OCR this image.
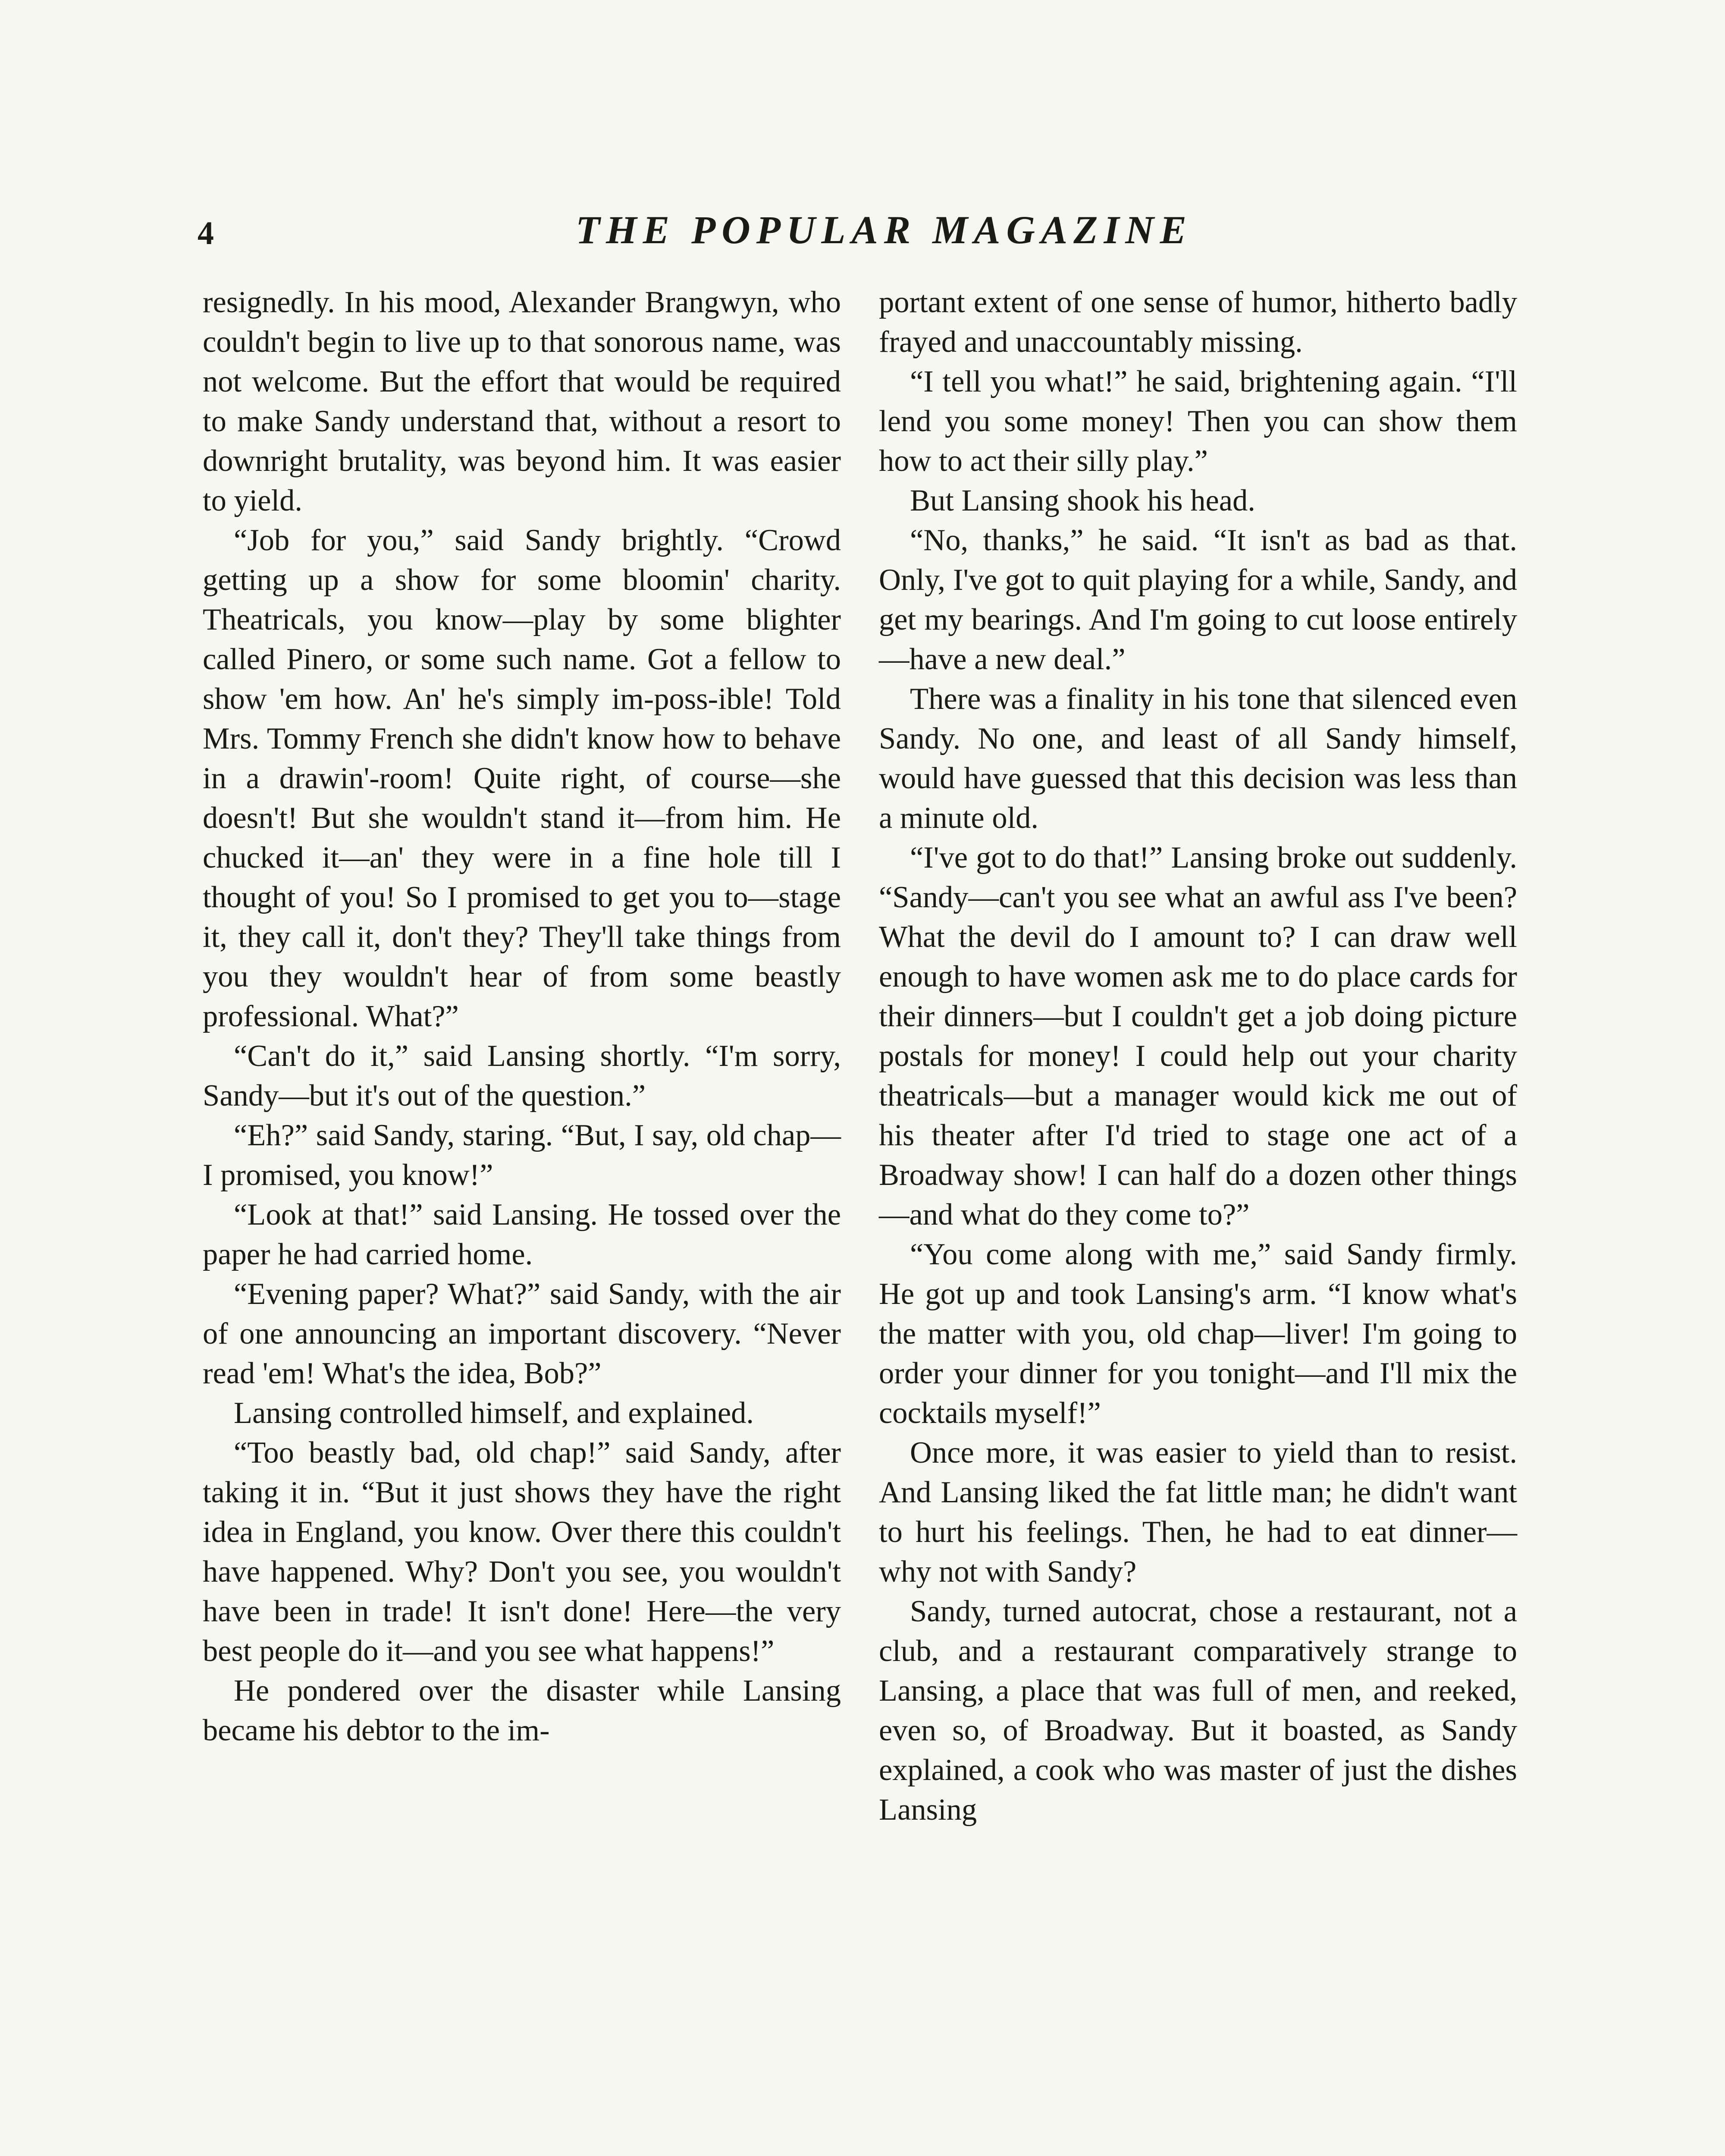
4	THE POPULAR MAGAZINE

resignedly. In his mood, Alexander Brangwyn, who couldn't begin to live up to that sonorous name, was not welcome. But the effort that would be required to make Sandy understand that, without a resort to downright brutality, was beyond him. It was easier to yield.

“Job for you,” said Sandy brightly. “Crowd getting up a show for some bloomin' charity. Theatricals, you know—play by some blighter called Pinero, or some such name. Got a fellow to show 'em how. An' he's simply im-poss-ible! Told Mrs. Tommy French she didn't know how to behave in a drawin'-room! Quite right, of course—she doesn't! But she wouldn't stand it—from him. He chucked it—an' they were in a fine hole till I thought of you! So I promised to get you to—stage it, they call it, don't they? They'll take things from you they wouldn't hear of from some beastly professional. What?”

“Can't do it,” said Lansing shortly. “I'm sorry, Sandy—but it's out of the question.”

“Eh?” said Sandy, staring. “But, I say, old chap—I promised, you know!”

“Look at that!” said Lansing. He tossed over the paper he had carried home.

“Evening paper? What?” said Sandy, with the air of one announcing an important discovery. “Never read 'em! What's the idea, Bob?”

Lansing controlled himself, and explained.

“Too beastly bad, old chap!” said Sandy, after taking it in. “But it just shows they have the right idea in England, you know. Over there this couldn't have happened. Why? Don't you see, you wouldn't have been in trade! It isn't done! Here—the very best people do it—and you see what happens!”

He pondered over the disaster while Lansing became his debtor to the im-

portant extent of one sense of humor, hitherto badly frayed and unaccountably missing.

“I tell you what!” he said, brightening again. “I'll lend you some money! Then you can show them how to act their silly play.”

But Lansing shook his head.

“No, thanks,” he said. “It isn't as bad as that. Only, I've got to quit playing for a while, Sandy, and get my bearings. And I'm going to cut loose entirely—have a new deal.”

There was a finality in his tone that silenced even Sandy. No one, and least of all Sandy himself, would have guessed that this decision was less than a minute old.

“I've got to do that!” Lansing broke out suddenly. “Sandy—can't you see what an awful ass I've been? What the devil do I amount to? I can draw well enough to have women ask me to do place cards for their dinners—but I couldn't get a job doing picture postals for money! I could help out your charity theatricals—but a manager would kick me out of his theater after I'd tried to stage one act of a Broadway show! I can half do a dozen other things—and what do they come to?”

“You come along with me,” said Sandy firmly. He got up and took Lansing's arm. “I know what's the matter with you, old chap—liver! I'm going to order your dinner for you tonight—and I'll mix the cocktails myself!”

Once more, it was easier to yield than to resist. And Lansing liked the fat little man; he didn't want to hurt his feelings. Then, he had to eat dinner—why not with Sandy?

Sandy, turned autocrat, chose a restaurant, not a club, and a restaurant comparatively strange to Lansing, a place that was full of men, and reeked, even so, of Broadway. But it boasted, as Sandy explained, a cook who was master of just the dishes Lansing
